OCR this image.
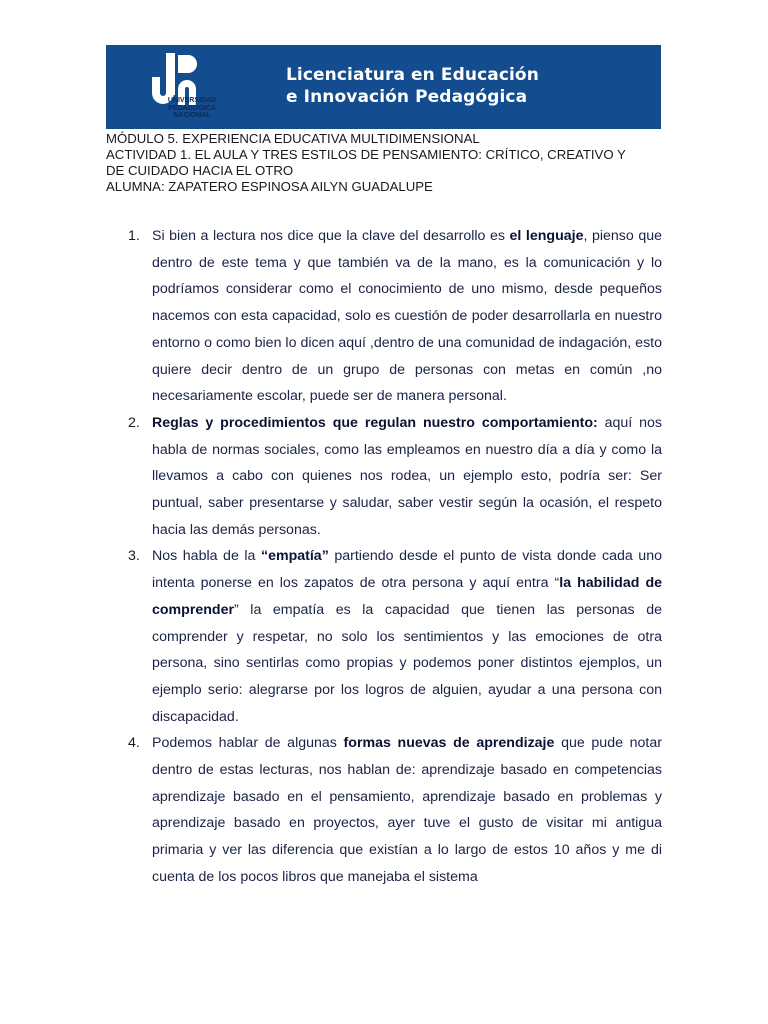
UNIVERSIDAD
PEDAGÓGICA
NACIONAL
Licenciatura en Educación
e Innovación Pedagógica
MÓDULO 5. EXPERIENCIA EDUCATIVA MULTIDIMENSIONAL
ACTIVIDAD 1. EL AULA Y TRES ESTILOS DE PENSAMIENTO: CRÍTICO, CREATIVO Y
DE CUIDADO HACIA EL OTRO
ALUMNA: ZAPATERO ESPINOSA AILYN GUADALUPE
1. Si bien a lectura nos dice que la clave del desarrollo es el lenguaje, pienso que dentro de este tema y que también va de la mano, es la comunicación y lo podríamos considerar como el conocimiento de uno mismo, desde pequeños nacemos con esta capacidad, solo es cuestión de poder desarrollarla en nuestro entorno o como bien lo dicen aquí ,dentro de una comunidad de indagación, esto quiere decir dentro de un grupo de personas con metas en común ,no necesariamente escolar, puede ser de manera personal.
2. Reglas y procedimientos que regulan nuestro comportamiento: aquí nos habla de normas sociales, como las empleamos en nuestro día a día y como la llevamos a cabo con quienes nos rodea, un ejemplo esto, podría ser: Ser puntual, saber presentarse y saludar, saber vestir según la ocasión, el respeto hacia las demás personas.
3. Nos habla de la “empatía” partiendo desde el punto de vista donde cada uno intenta ponerse en los zapatos de otra persona y aquí entra “la habilidad de comprender” la empatía es la capacidad que tienen las personas de comprender y respetar, no solo los sentimientos y las emociones de otra persona, sino sentirlas como propias y podemos poner distintos ejemplos, un ejemplo serio: alegrarse por los logros de alguien, ayudar a una persona con discapacidad.
4. Podemos hablar de algunas formas nuevas de aprendizaje que pude notar dentro de estas lecturas, nos hablan de: aprendizaje basado en competencias aprendizaje basado en el pensamiento, aprendizaje basado en problemas y aprendizaje basado en proyectos, ayer tuve el gusto de visitar mi antigua primaria y ver las diferencia que existían a lo largo de estos 10 años y me di cuenta de los pocos libros que manejaba el sistema
